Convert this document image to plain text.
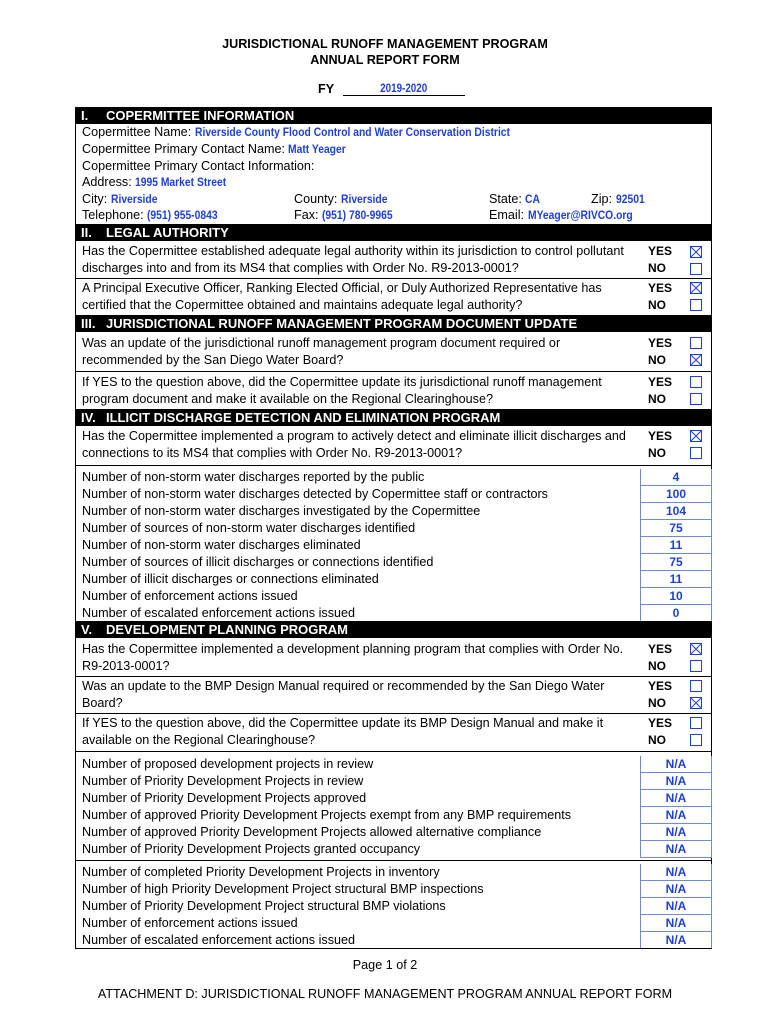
JURISDICTIONAL RUNOFF MANAGEMENT PROGRAM
ANNUAL REPORT FORM
FY	2019-2020
I. COPERMITTEE INFORMATION
Copermittee Name: Riverside County Flood Control and Water Conservation District
Copermittee Primary Contact Name: Matt Yeager
Copermittee Primary Contact Information:
Address: 1995 Market Street
City: Riverside	County: Riverside	State: CA	Zip: 92501
Telephone: (951) 955-0843	Fax: (951) 780-9965	Email: MYeager@RIVCO.org
II. LEGAL AUTHORITY
Has the Copermittee established adequate legal authority within its jurisdiction to control pollutant discharges into and from its MS4 that complies with Order No. R9-2013-0001?
YES
NO
A Principal Executive Officer, Ranking Elected Official, or Duly Authorized Representative has certified that the Copermittee obtained and maintains adequate legal authority?
YES
NO
III. JURISDICTIONAL RUNOFF MANAGEMENT PROGRAM DOCUMENT UPDATE
Was an update of the jurisdictional runoff management program document required or recommended by the San Diego Water Board?
YES
NO
If YES to the question above, did the Copermittee update its jurisdictional runoff management program document and make it available on the Regional Clearinghouse?
YES
NO
IV. ILLICIT DISCHARGE DETECTION AND ELIMINATION PROGRAM
Has the Copermittee implemented a program to actively detect and eliminate illicit discharges and connections to its MS4 that complies with Order No. R9-2013-0001?
YES
NO
Number of non-storm water discharges reported by the public	4
Number of non-storm water discharges detected by Copermittee staff or contractors	100
Number of non-storm water discharges investigated by the Copermittee	104
Number of sources of non-storm water discharges identified	75
Number of non-storm water discharges eliminated	11
Number of sources of illicit discharges or connections identified	75
Number of illicit discharges or connections eliminated	11
Number of enforcement actions issued	10
Number of escalated enforcement actions issued	0
V. DEVELOPMENT PLANNING PROGRAM
Has the Copermittee implemented a development planning program that complies with Order No. R9-2013-0001?
YES
NO
Was an update to the BMP Design Manual required or recommended by the San Diego Water Board?
YES
NO
If YES to the question above, did the Copermittee update its BMP Design Manual and make it available on the Regional Clearinghouse?
YES
NO
Number of proposed development projects in review	N/A
Number of Priority Development Projects in review	N/A
Number of Priority Development Projects approved	N/A
Number of approved Priority Development Projects exempt from any BMP requirements	N/A
Number of approved Priority Development Projects allowed alternative compliance	N/A
Number of Priority Development Projects granted occupancy	N/A
Number of completed Priority Development Projects in inventory	N/A
Number of high Priority Development Project structural BMP inspections	N/A
Number of Priority Development Project structural BMP violations	N/A
Number of enforcement actions issued	N/A
Number of escalated enforcement actions issued	N/A
Page 1 of 2
ATTACHMENT D: JURISDICTIONAL RUNOFF MANAGEMENT PROGRAM ANNUAL REPORT FORM
